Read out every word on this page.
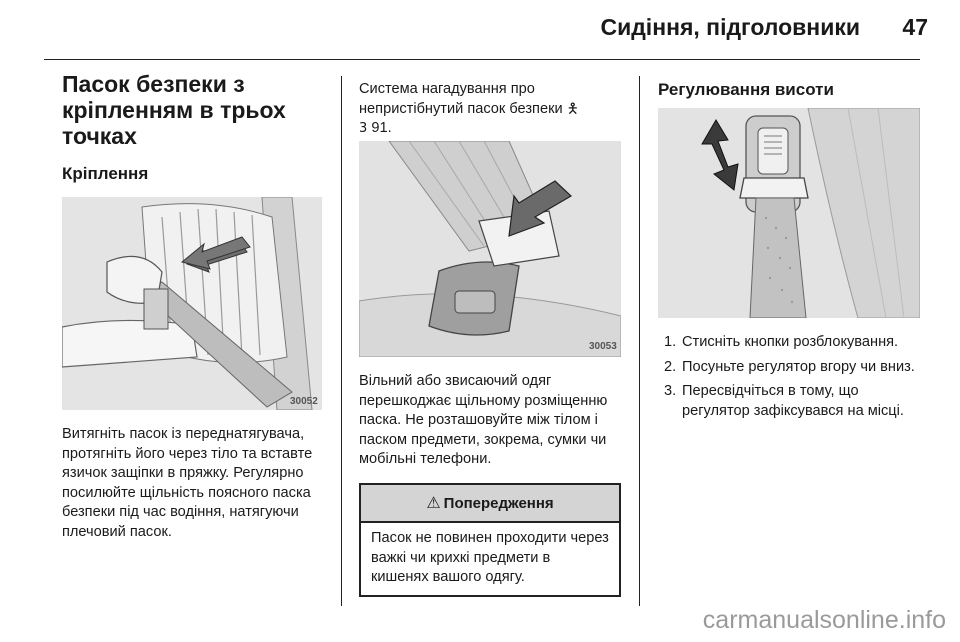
Сидіння, підголовники	47
Пасок безпеки з кріпленням в трьох точках
Кріплення
30052
Витягніть пасок із переднатягувача, протягніть його через тіло та вставте язичок защіпки в пряжку. Регулярно посилюйте щільність поясного паска безпеки під час водіння, натягуючи плечовий пасок.
Система нагадування про непристібнутий пасок безпеки 🯅
3 91.
30053
Вільний або звисаючий одяг перешкоджає щільному розміщенню паска. Не розташовуйте між тілом і паском предмети, зокрема, сумки чи мобільні телефони.
⚠ Попередження
Пасок не повинен проходити через важкі чи крихкі предмети в кишенях вашого одягу.
Регулювання висоти
1. Стисніть кнопки розблокування.
2. Посуньте регулятор вгору чи вниз.
3. Пересвідчіться в тому, що регулятор зафіксувався на місці.
carmanualsonline.info
